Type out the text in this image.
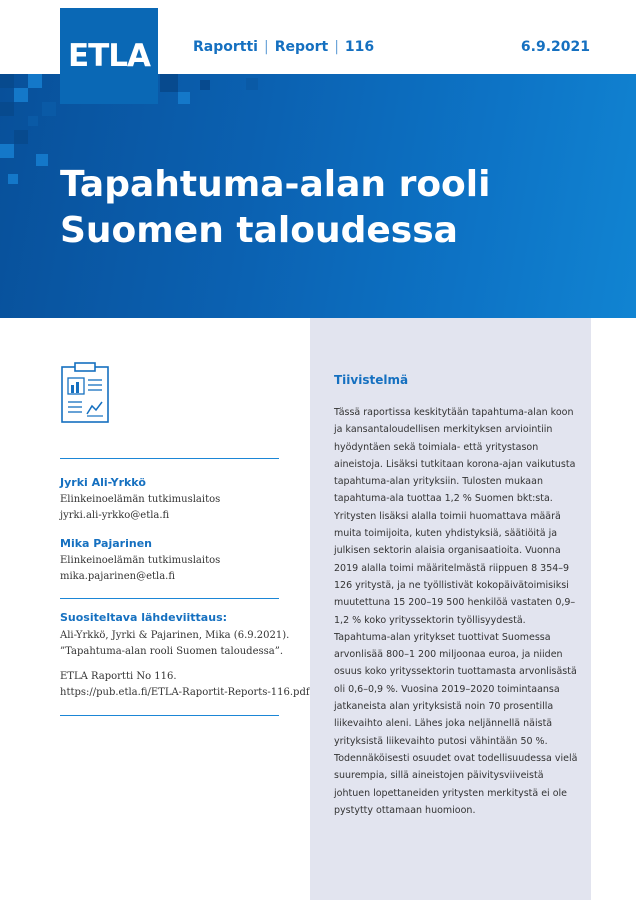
Raportti | Report | 116	6.9.2021
ETLA
Tapahtuma-alan rooli
Suomen taloudessa
Jyrki Ali-Yrkkö
Elinkeinoelämän tutkimuslaitos
jyrki.ali-yrkko@etla.fi
Mika Pajarinen
Elinkeinoelämän tutkimuslaitos
mika.pajarinen@etla.fi
Suositeltava lähdeviittaus:
Ali-Yrkkö, Jyrki & Pajarinen, Mika (6.9.2021).
”Tapahtuma-alan rooli Suomen taloudessa”.
ETLA Raportti No 116.
https://pub.etla.fi/ETLA-Raportit-Reports-116.pdf
Tiivistelmä
Tässä raportissa keskitytään tapahtuma-alan koon ja kansantaloudellisen merkityksen arviointiin hyödyntäen sekä toimiala- että yritystason aineistoja. Lisäksi tutkitaan korona-ajan vaikutusta tapahtuma-alan yrityksiin. Tulosten mukaan tapahtuma-ala tuottaa 1,2 % Suomen bkt:sta. Yritysten lisäksi alalla toimii huomattava määrä muita toimijoita, kuten yhdistyksiä, säätiöitä ja julkisen sektorin alaisia organisaatioita. Vuonna 2019 alalla toimi määritelmästä riippuen 8 354–9 126 yritystä, ja ne työllistivät kokopäivätoimisiksi muutettuna 15 200–19 500 henkilöä vastaten 0,9–1,2 % koko yrityssektorin työllisyydestä. Tapahtuma-alan yritykset tuottivat Suomessa arvonlisää 800–1 200 miljoonaa euroa, ja niiden osuus koko yrityssektorin tuottamasta arvonlisästä oli 0,6–0,9 %. Vuosina 2019–2020 toimintaansa jatkaneista alan yrityksistä noin 70 prosentilla liikevaihto aleni. Lähes joka neljännellä näistä yrityksistä liikevaihto putosi vähintään 50 %. Todennäköisesti osuudet ovat todellisuudessa vielä suurempia, sillä aineistojen päivitysviiveistä johtuen lopettaneiden yritysten merkitystä ei ole pystytty ottamaan huomioon.
